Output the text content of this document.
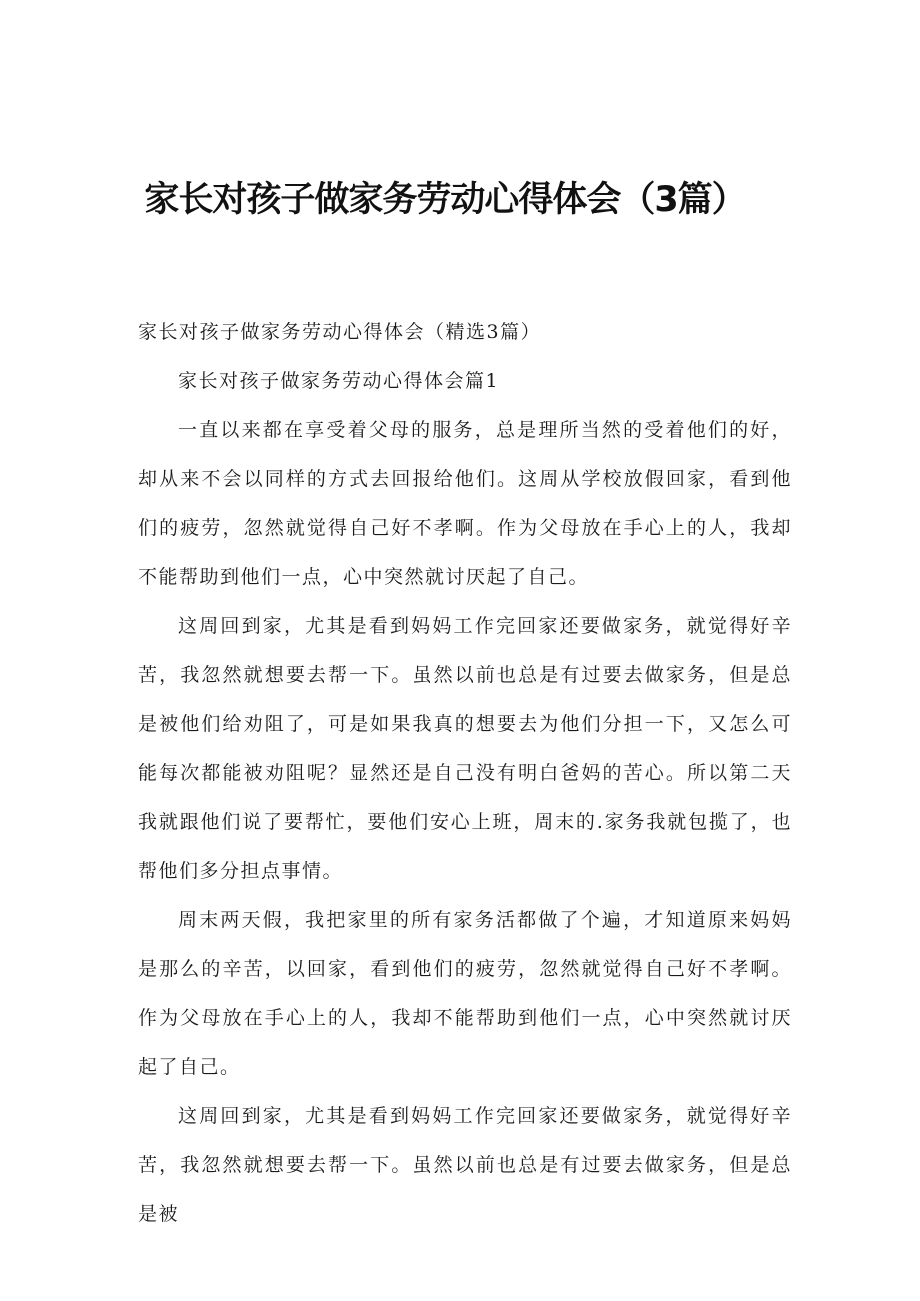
家长对孩子做家务劳动心得体会（3篇）

家长对孩子做家务劳动心得体会（精选3篇）

家长对孩子做家务劳动心得体会篇1

一直以来都在享受着父母的服务，总是理所当然的受着他们的好，却从来不会以同样的方式去回报给他们。这周从学校放假回家，看到他们的疲劳，忽然就觉得自己好不孝啊。作为父母放在手心上的人，我却不能帮助到他们一点，心中突然就讨厌起了自己。

这周回到家，尤其是看到妈妈工作完回家还要做家务，就觉得好辛苦，我忽然就想要去帮一下。虽然以前也总是有过要去做家务，但是总是被他们给劝阻了，可是如果我真的想要去为他们分担一下，又怎么可能每次都能被劝阻呢？显然还是自己没有明白爸妈的苦心。所以第二天我就跟他们说了要帮忙，要他们安心上班，周末的.家务我就包揽了，也帮他们多分担点事情。

周末两天假，我把家里的所有家务活都做了个遍，才知道原来妈妈是那么的辛苦，以回家，看到他们的疲劳，忽然就觉得自己好不孝啊。作为父母放在手心上的人，我却不能帮助到他们一点，心中突然就讨厌起了自己。

这周回到家，尤其是看到妈妈工作完回家还要做家务，就觉得好辛苦，我忽然就想要去帮一下。虽然以前也总是有过要去做家务，但是总是被
